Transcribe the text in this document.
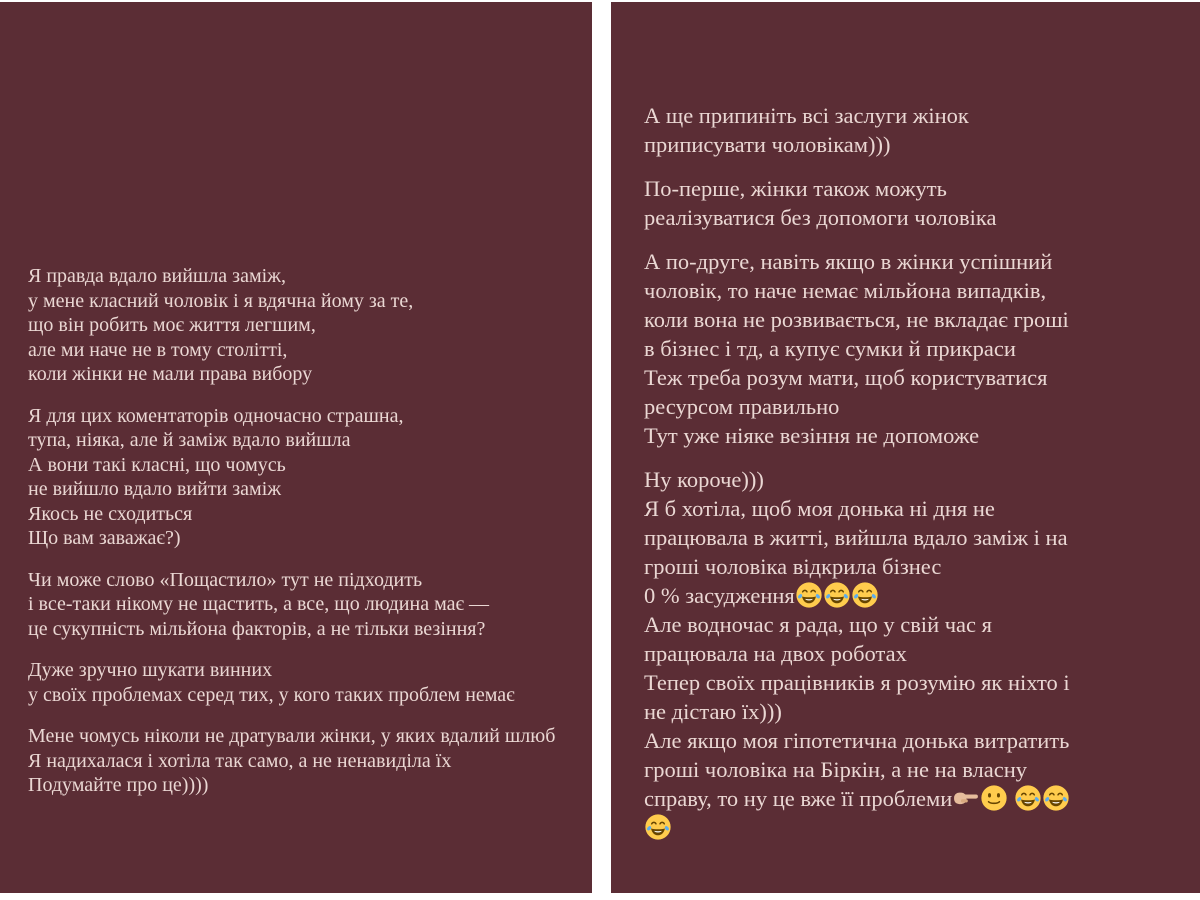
Я правда вдало вийшла заміж,
у мене класний чоловік і я вдячна йому за те,
що він робить моє життя легшим,
але ми наче не в тому столітті,
коли жінки не мали права вибору

Я для цих коментаторів одночасно страшна,
тупа, ніяка, але й заміж вдало вийшла
А вони такі класні, що чомусь
не вийшло вдало вийти заміж
Якось не сходиться
Що вам заважає?)

Чи може слово «Пощастило» тут не підходить
і все-таки нікому не щастить, а все, що людина має —
це сукупність мільйона факторів, а не тільки везіння?

Дуже зручно шукати винних
у своїх проблемах серед тих, у кого таких проблем немає

Мене чомусь ніколи не дратували жінки, у яких вдалий шлюб
Я надихалася і хотіла так само, а не ненавиділа їх
Подумайте про це))))

А ще припиніть всі заслуги жінок
приписувати чоловікам)))

По-перше, жінки також можуть
реалізуватися без допомоги чоловіка

А по-друге, навіть якщо в жінки успішний
чоловік, то наче немає мільйона випадків,
коли вона не розвивається, не вкладає гроші
в бізнес і тд, а купує сумки й прикраси
Теж треба розум мати, щоб користуватися
ресурсом правильно
Тут уже ніяке везіння не допоможе

Ну короче)))
Я б хотіла, щоб моя донька ні дня не
працювала в житті, вийшла вдало заміж і на
гроші чоловіка відкрила бізнес
0 % засудження
Але водночас я рада, що у свій час я
працювала на двох роботах
Тепер своїх працівників я розумію як ніхто і
не дістаю їх)))
Але якщо моя гіпотетична донька витратить
гроші чоловіка на Біркін, а не на власну
справу, то ну це вже її проблеми
